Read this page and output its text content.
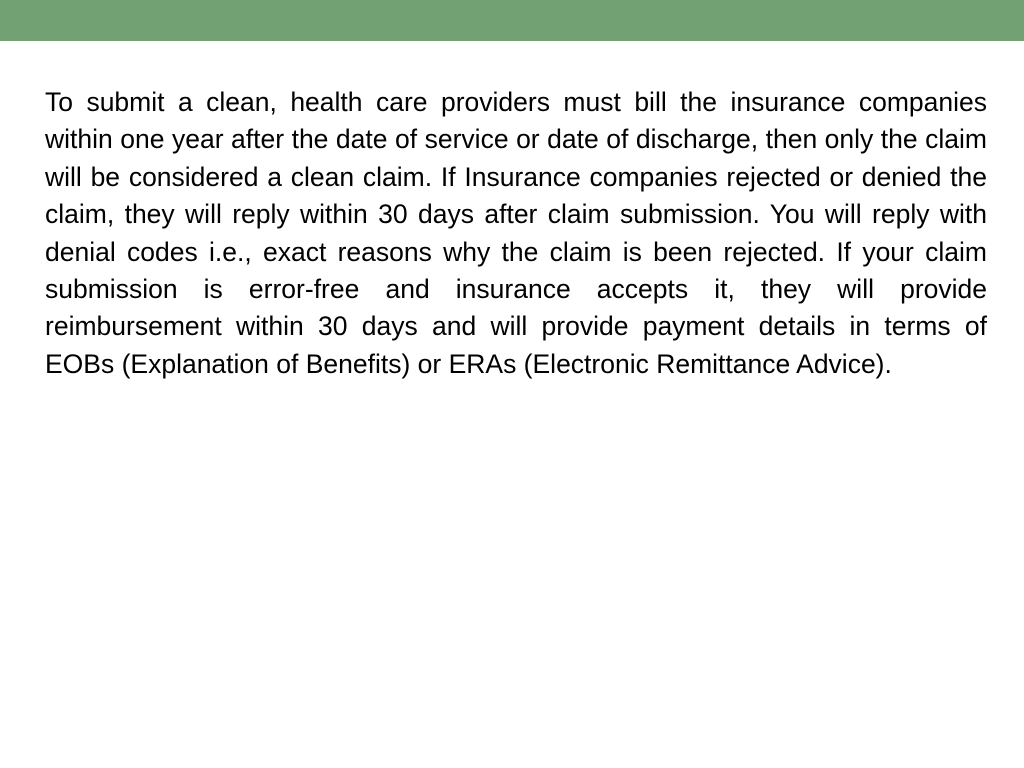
To submit a clean, health care providers must bill the insurance companies within one year after the date of service or date of discharge, then only the claim will be considered a clean claim. If Insurance companies rejected or denied the claim, they will reply within 30 days after claim submission. You will reply with denial codes i.e., exact reasons why the claim is been rejected. If your claim submission is error-free and insurance accepts it, they will provide reimbursement within 30 days and will provide payment details in terms of EOBs (Explanation of Benefits) or ERAs (Electronic Remittance Advice).
